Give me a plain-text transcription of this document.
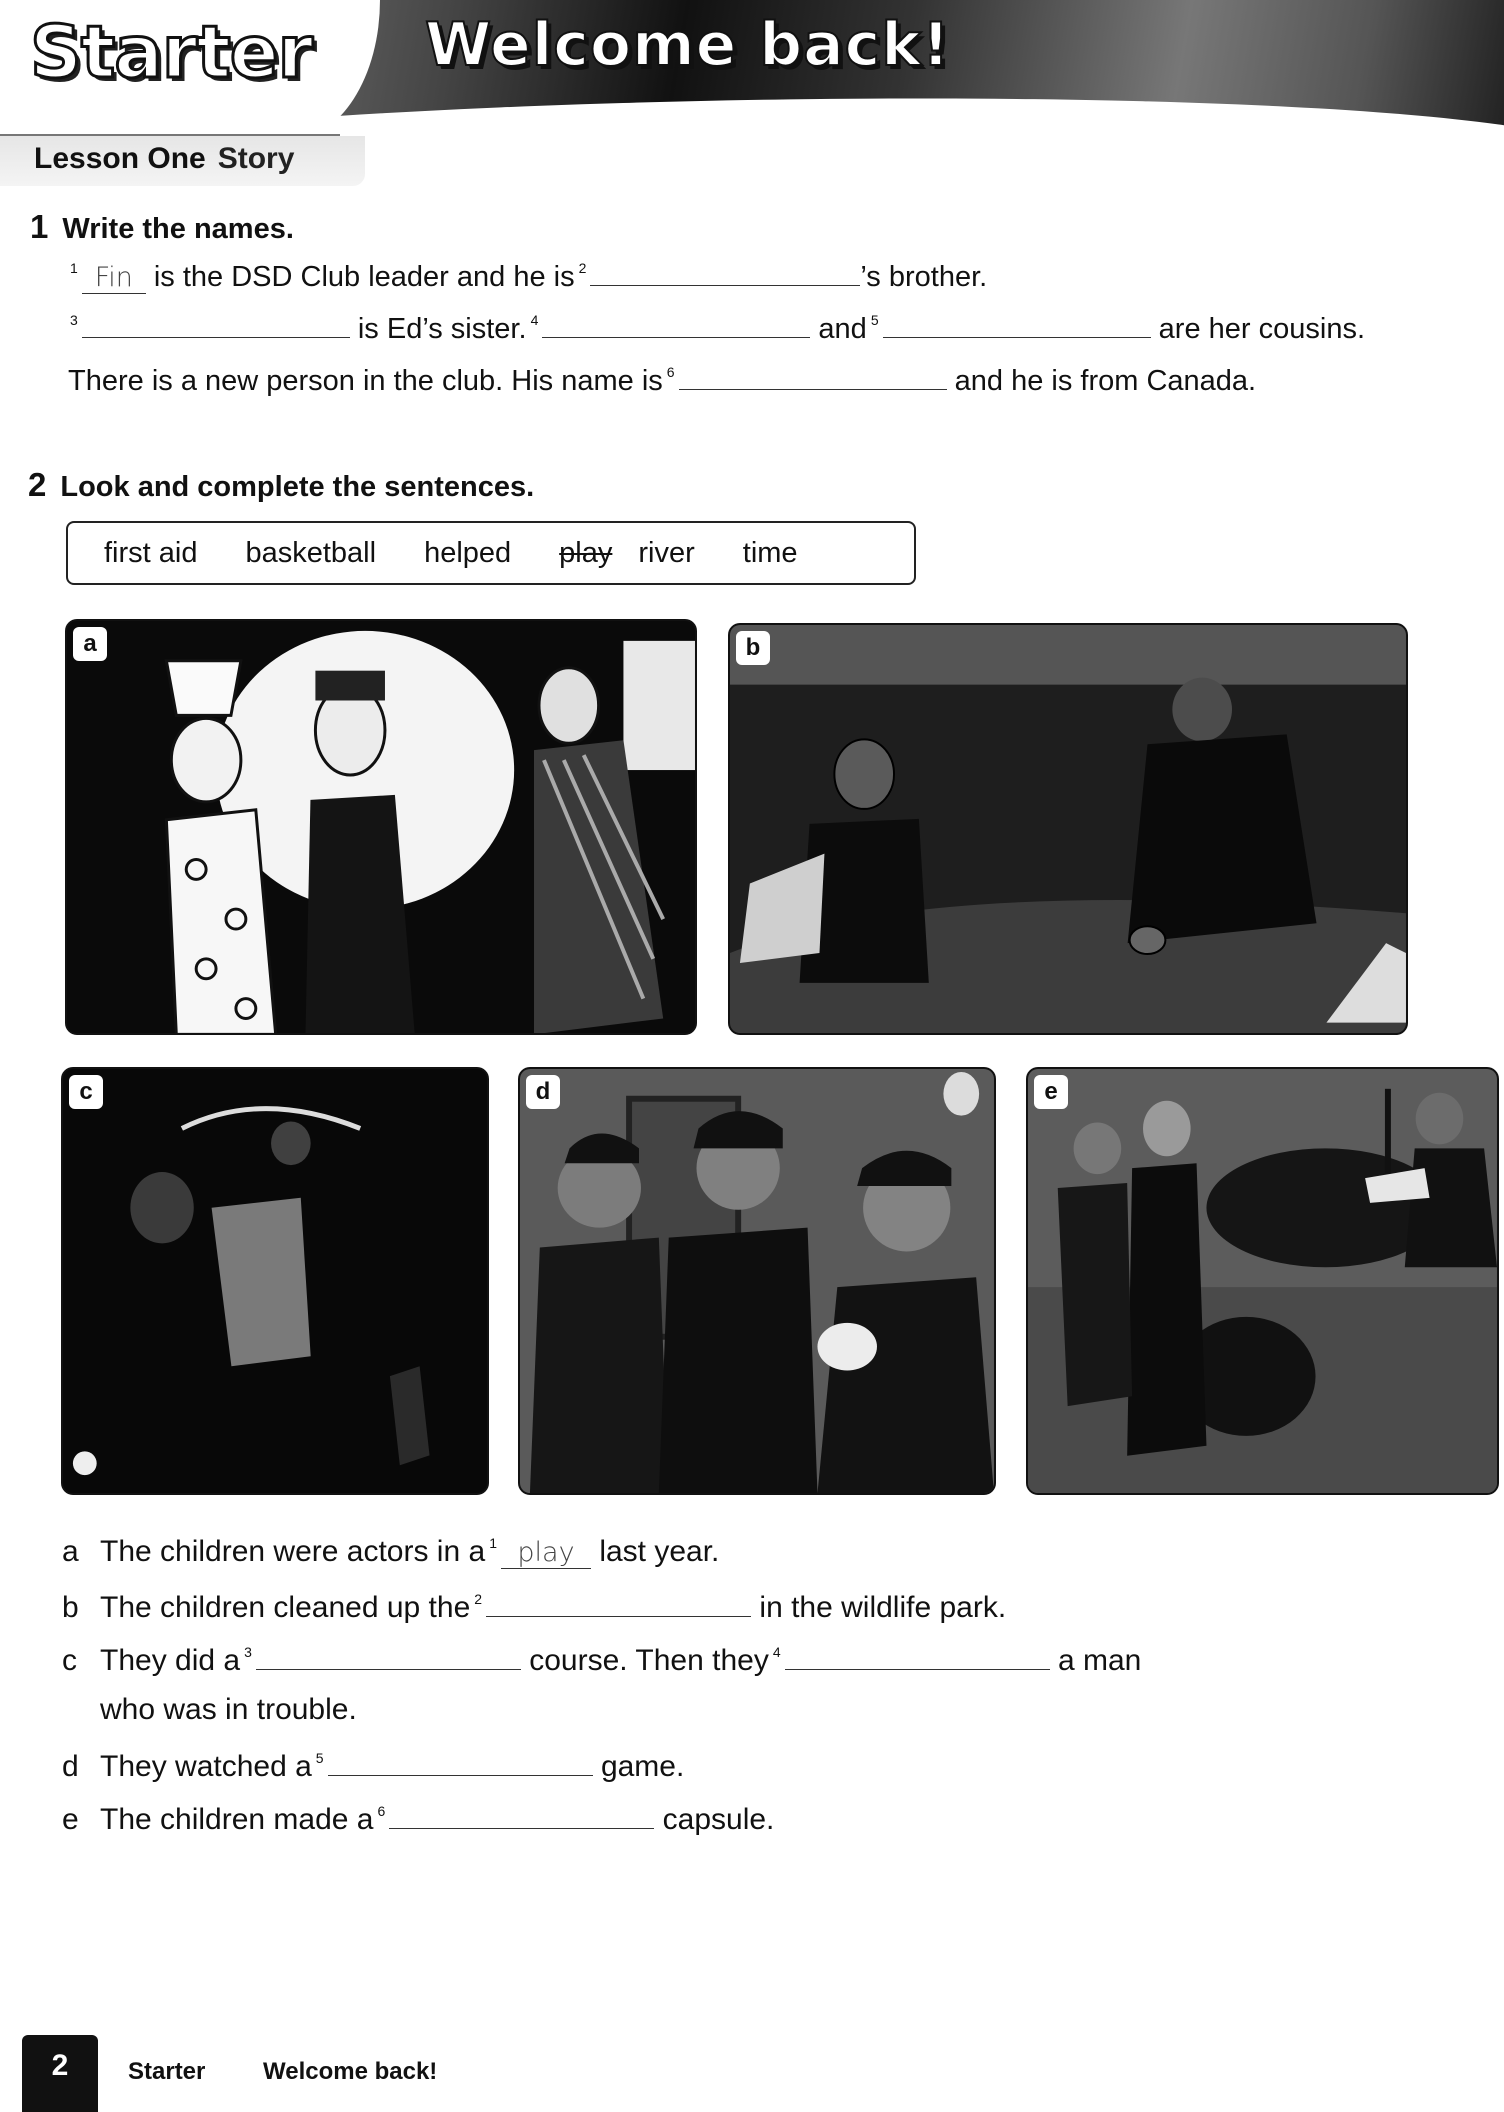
Starter Welcome back!
Lesson One Story
1 Write the names.
$^1$ Fin is the DSD Club leader and he is $^2$	’s brother.
$^3$	is Ed’s sister. $^4$	and $^5$	are her cousins.
There is a new person in the club. His name is $^6$	and he is from Canada.
2 Look and complete the sentences.
first aid basketball helped play river time
a	b
c	d	e
a The children were actors in a $^1$ play last year.
b The children cleaned up the $^2$	in the wildlife park.
c They did a $^3$	course. Then they $^4$	a man
who was in trouble.
d They watched a $^5$	game.
e The children made a $^6$	capsule.
2	Starter Welcome back!
